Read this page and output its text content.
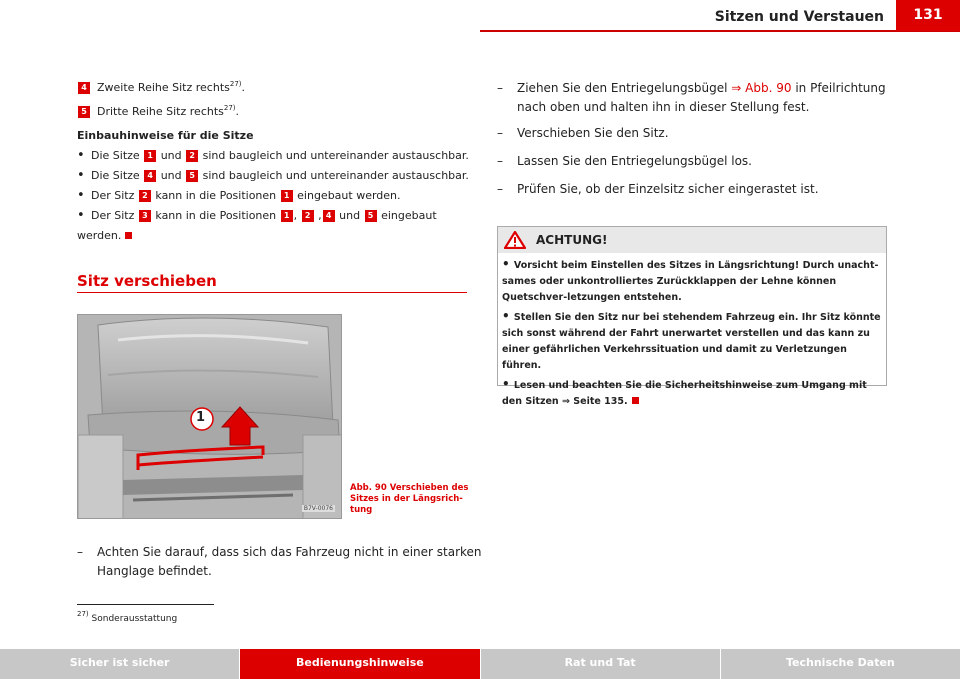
Sitzen und Verstauen	131
4 Zweite Reihe Sitz rechts$^{27)}$.
5 Dritte Reihe Sitz rechts$^{27)}$.
Einbauhinweise für die Sitze
• Die Sitze 1 und 2 sind baugleich und untereinander austauschbar.
• Die Sitze 4 und 5 sind baugleich und untereinander austauschbar.
• Der Sitz 2 kann in die Positionen 1 eingebaut werden.
• Der Sitz 3 kann in die Positionen 1 , 2 , 4 und 5 eingebaut
werden.
Sitz verschieben
1
B7V-0076
Abb. 90 Verschieben des Sitzes in der Längsrich-tung
– Achten Sie darauf, dass sich das Fahrzeug nicht in einer starken
Hanglage befindet.
$^{27)}$ Sonderausstattung
– Ziehen Sie den Entriegelungsbügel ⇒ Abb. 90 in Pfeilrichtung
nach oben und halten ihn in dieser Stellung fest.
– Verschieben Sie den Sitz.
– Lassen Sie den Entriegelungsbügel los.
– Prüfen Sie, ob der Einzelsitz sicher eingerastet ist.
ACHTUNG!
• Vorsicht beim Einstellen des Sitzes in Längsrichtung! Durch unacht-sames oder unkontrolliertes Zurückklappen der Lehne können Quetschver-letzungen entstehen.
• Stellen Sie den Sitz nur bei stehendem Fahrzeug ein. Ihr Sitz könnte sich sonst während der Fahrt unerwartet verstellen und das kann zu einer gefährlichen Verkehrssituation und damit zu Verletzungen führen.
• Lesen und beachten Sie die Sicherheitshinweise zum Umgang mit den Sitzen ⇒ Seite 135.
Sicher ist sicher	Bedienungshinweise	Rat und Tat	Technische Daten
